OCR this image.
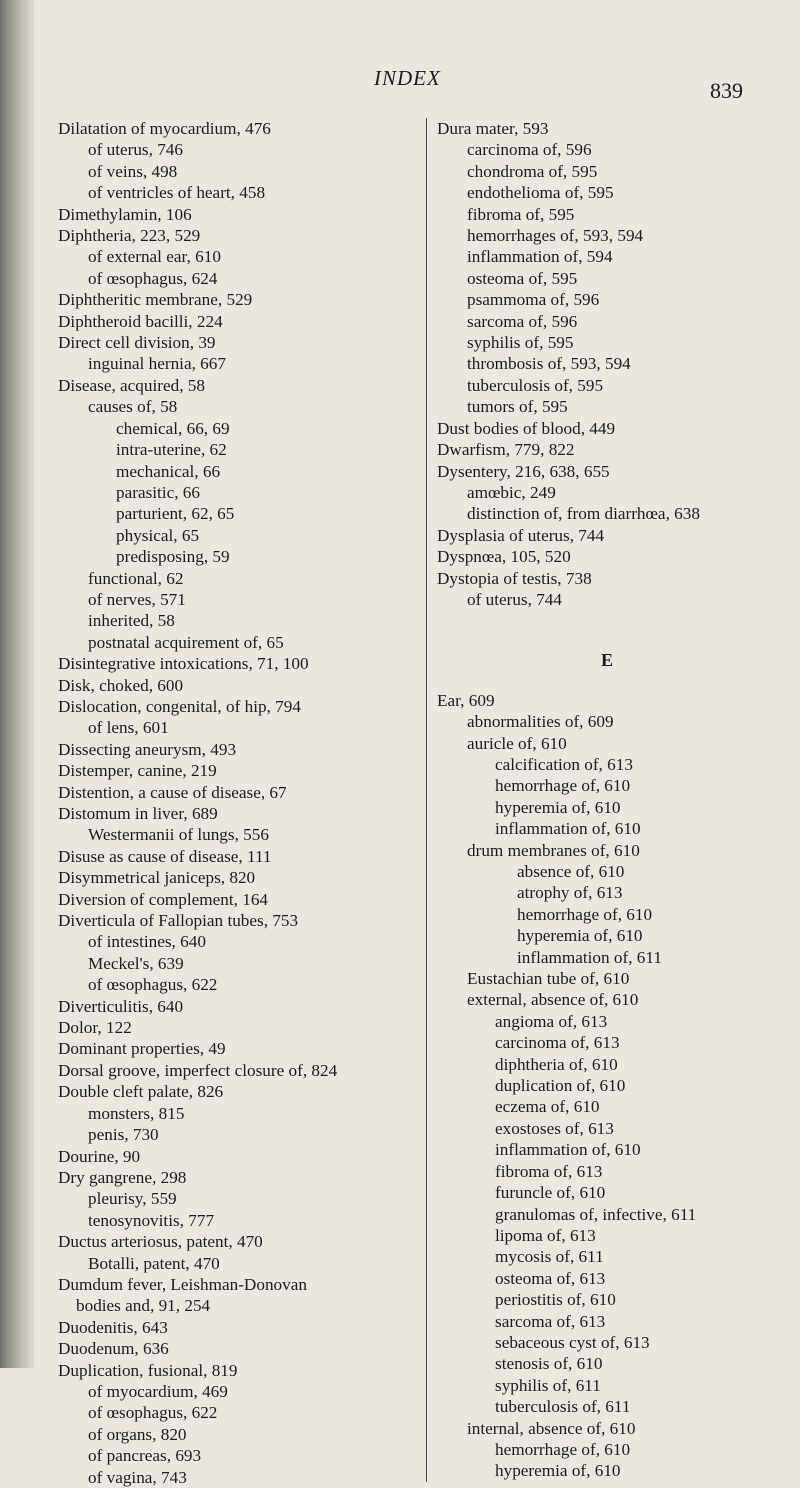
INDEX	839
Dilatation of myocardium, 476
of uterus, 746
of veins, 498
of ventricles of heart, 458
Dimethylamin, 106
Diphtheria, 223, 529
of external ear, 610
of œsophagus, 624
Diphtheritic membrane, 529
Diphtheroid bacilli, 224
Direct cell division, 39
inguinal hernia, 667
Disease, acquired, 58
causes of, 58
chemical, 66, 69
intra-uterine, 62
mechanical, 66
parasitic, 66
parturient, 62, 65
physical, 65
predisposing, 59
functional, 62
of nerves, 571
inherited, 58
postnatal acquirement of, 65
Disintegrative intoxications, 71, 100
Disk, choked, 600
Dislocation, congenital, of hip, 794
of lens, 601
Dissecting aneurysm, 493
Distemper, canine, 219
Distention, a cause of disease, 67
Distomum in liver, 689
Westermanii of lungs, 556
Disuse as cause of disease, 111
Disymmetrical janiceps, 820
Diversion of complement, 164
Diverticula of Fallopian tubes, 753
of intestines, 640
Meckel's, 639
of œsophagus, 622
Diverticulitis, 640
Dolor, 122
Dominant properties, 49
Dorsal groove, imperfect closure of, 824
Double cleft palate, 826
monsters, 815
penis, 730
Dourine, 90
Dry gangrene, 298
pleurisy, 559
tenosynovitis, 777
Ductus arteriosus, patent, 470
Botalli, patent, 470
Dumdum fever, Leishman-Donovan
bodies and, 91, 254
Duodenitis, 643
Duodenum, 636
Duplication, fusional, 819
of myocardium, 469
of œsophagus, 622
of organs, 820
of pancreas, 693
of vagina, 743
Dura mater, 593
carcinoma of, 596
chondroma of, 595
endothelioma of, 595
fibroma of, 595
hemorrhages of, 593, 594
inflammation of, 594
osteoma of, 595
psammoma of, 596
sarcoma of, 596
syphilis of, 595
thrombosis of, 593, 594
tuberculosis of, 595
tumors of, 595
Dust bodies of blood, 449
Dwarfism, 779, 822
Dysentery, 216, 638, 655
amœbic, 249
distinction of, from diarrhœa, 638
Dysplasia of uterus, 744
Dyspnœa, 105, 520
Dystopia of testis, 738
of uterus, 744
E
Ear, 609
abnormalities of, 609
auricle of, 610
calcification of, 613
hemorrhage of, 610
hyperemia of, 610
inflammation of, 610
drum membranes of, 610
absence of, 610
atrophy of, 613
hemorrhage of, 610
hyperemia of, 610
inflammation of, 611
Eustachian tube of, 610
external, absence of, 610
angioma of, 613
carcinoma of, 613
diphtheria of, 610
duplication of, 610
eczema of, 610
exostoses of, 613
inflammation of, 610
fibroma of, 613
furuncle of, 610
granulomas of, infective, 611
lipoma of, 613
mycosis of, 611
osteoma of, 613
periostitis of, 610
sarcoma of, 613
sebaceous cyst of, 613
stenosis of, 610
syphilis of, 611
tuberculosis of, 611
internal, absence of, 610
hemorrhage of, 610
hyperemia of, 610
